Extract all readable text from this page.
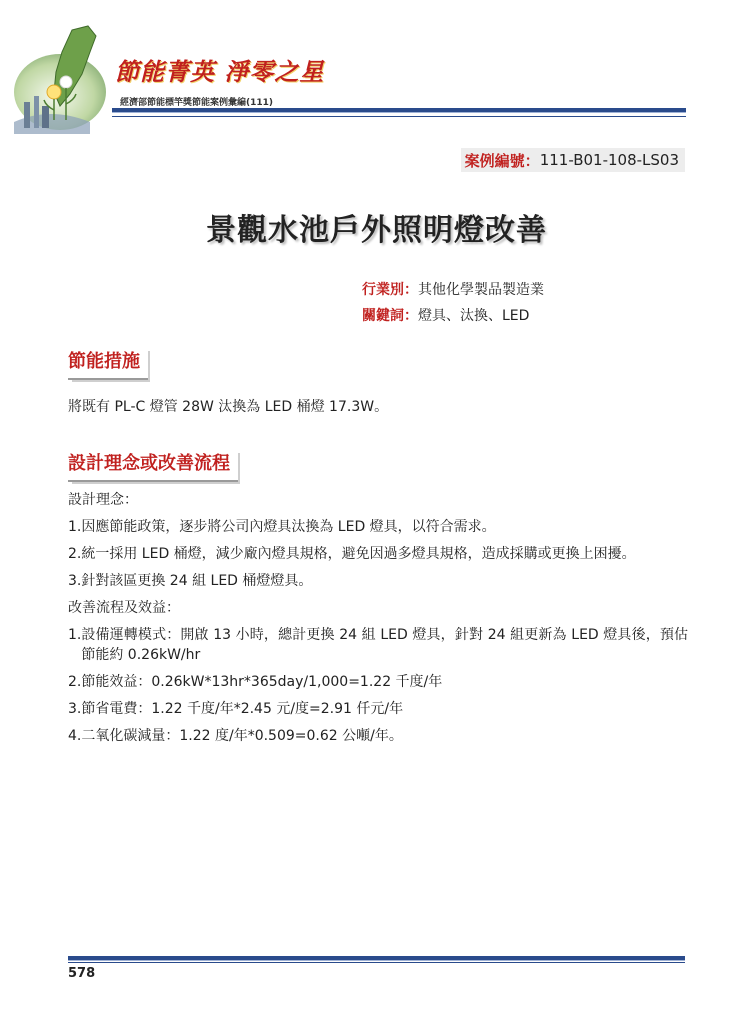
節能菁英 淨零之星
經濟部節能標竿獎節能案例彙編(111)
案例編號： 111-B01-108-LS03
景觀水池戶外照明燈改善
行業別：其他化學製品製造業
關鍵詞：燈具、汰換、LED
節能措施
將既有 PL-C 燈管 28W 汰換為 LED 桶燈 17.3W。
設計理念或改善流程
設計理念：
1. 因應節能政策，逐步將公司內燈具汰換為 LED 燈具，以符合需求。
2. 統一採用 LED 桶燈，減少廠內燈具規格，避免因過多燈具規格，造成採購或更換上困擾。
3. 針對該區更換 24 組 LED 桶燈燈具。
改善流程及效益：
1. 設備運轉模式：開啟 13 小時，總計更換 24 組 LED 燈具，針對 24 組更新為 LED 燈具後，預估節能約 0.26kW/hr
2. 節能效益：0.26kW*13hr*365day/1,000=1.22 千度/年
3. 節省電費：1.22 千度/年*2.45 元/度=2.91 仟元/年
4. 二氧化碳減量：1.22 度/年*0.509=0.62 公噸/年。
578
